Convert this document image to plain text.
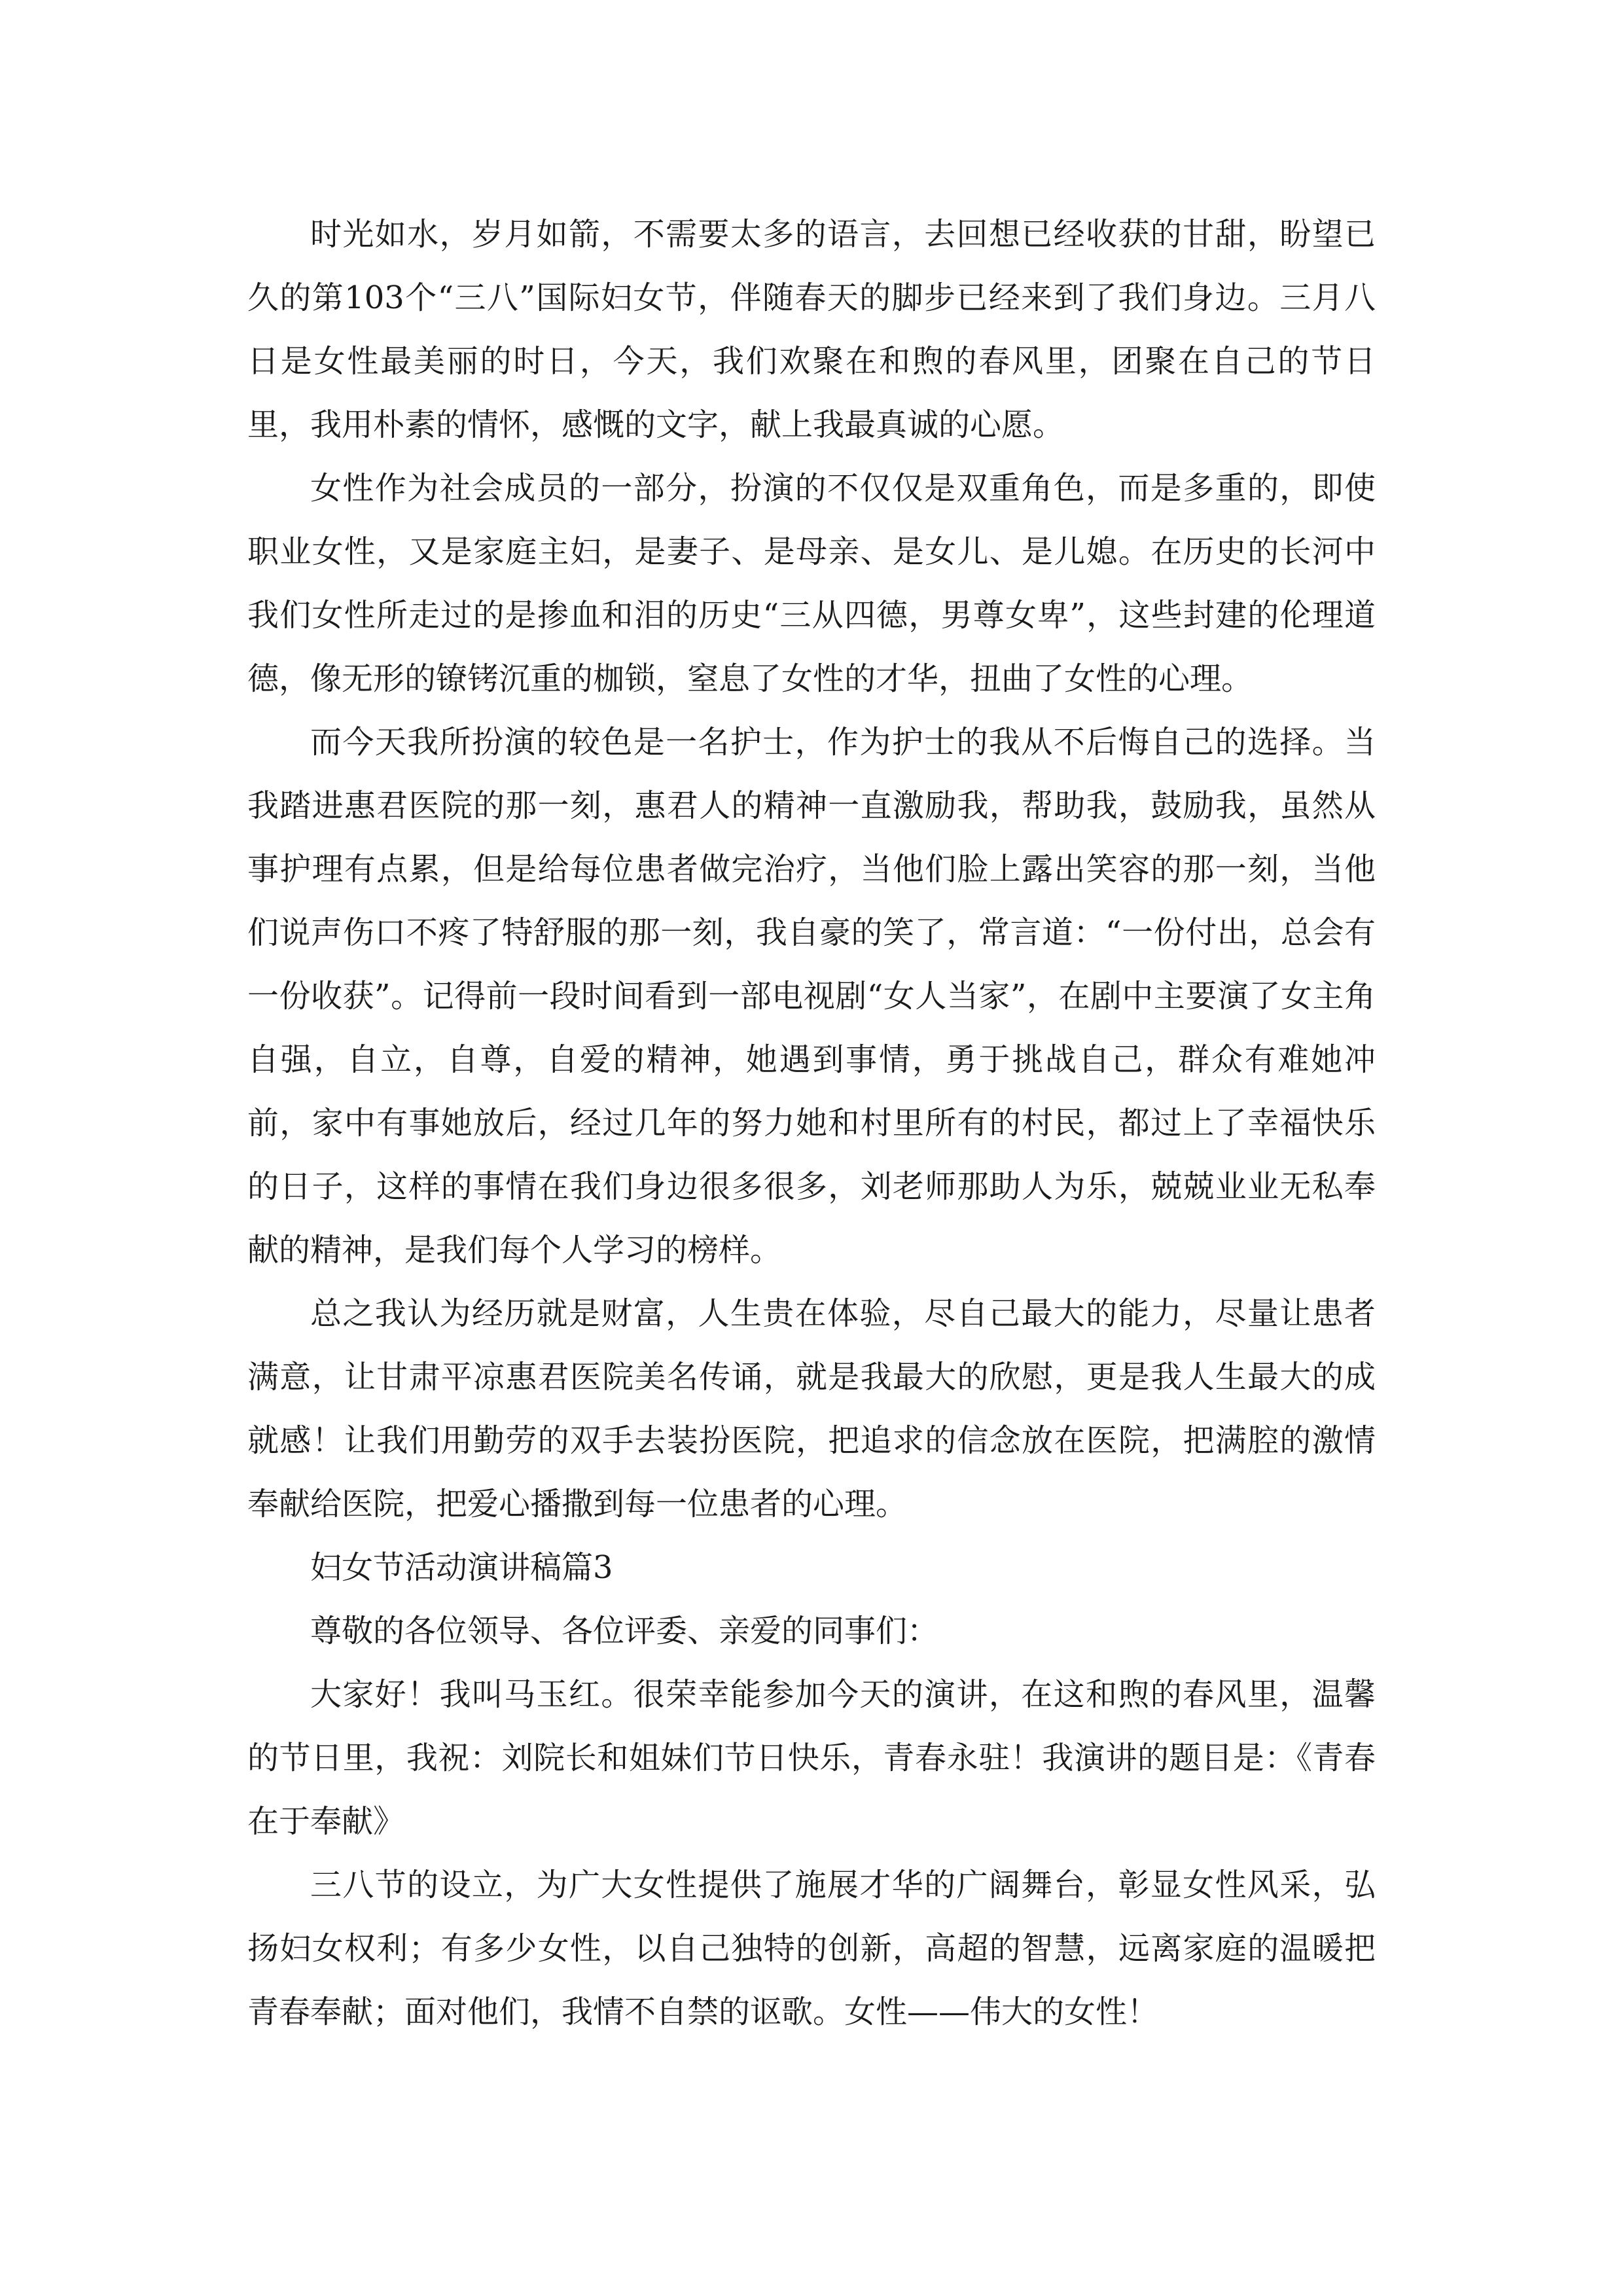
时光如水，岁月如箭，不需要太多的语言，去回想已经收获的甘甜，盼望已久的第103个“三八”国际妇女节，伴随春天的脚步已经来到了我们身边。三月八日是女性最美丽的时日，今天，我们欢聚在和煦的春风里，团聚在自己的节日里，我用朴素的情怀，感慨的文字，献上我最真诚的心愿。

女性作为社会成员的一部分，扮演的不仅仅是双重角色，而是多重的，即使职业女性，又是家庭主妇，是妻子、是母亲、是女儿、是儿媳。在历史的长河中我们女性所走过的是掺血和泪的历史“三从四德，男尊女卑”，这些封建的伦理道德，像无形的镣铐沉重的枷锁，窒息了女性的才华，扭曲了女性的心理。

而今天我所扮演的较色是一名护士，作为护士的我从不后悔自己的选择。当我踏进惠君医院的那一刻，惠君人的精神一直激励我，帮助我，鼓励我，虽然从事护理有点累，但是给每位患者做完治疗，当他们脸上露出笑容的那一刻，当他们说声伤口不疼了特舒服的那一刻，我自豪的笑了，常言道：“一份付出，总会有一份收获”。记得前一段时间看到一部电视剧“女人当家”，在剧中主要演了女主角自强，自立，自尊，自爱的精神，她遇到事情，勇于挑战自己，群众有难她冲前，家中有事她放后，经过几年的努力她和村里所有的村民，都过上了幸福快乐的日子，这样的事情在我们身边很多很多，刘老师那助人为乐，兢兢业业无私奉献的精神，是我们每个人学习的榜样。

总之我认为经历就是财富，人生贵在体验，尽自己最大的能力，尽量让患者满意，让甘肃平凉惠君医院美名传诵，就是我最大的欣慰，更是我人生最大的成就感！让我们用勤劳的双手去装扮医院，把追求的信念放在医院，把满腔的激情奉献给医院，把爱心播撒到每一位患者的心理。

妇女节活动演讲稿篇3

尊敬的各位领导、各位评委、亲爱的同事们：

大家好！我叫马玉红。很荣幸能参加今天的演讲，在这和煦的春风里，温馨的节日里，我祝：刘院长和姐妹们节日快乐，青春永驻！我演讲的题目是：《青春在于奉献》

三八节的设立，为广大女性提供了施展才华的广阔舞台，彰显女性风采，弘扬妇女权利；有多少女性，以自己独特的创新，高超的智慧，远离家庭的温暖把青春奉献；面对他们，我情不自禁的讴歌。女性——伟大的女性！
